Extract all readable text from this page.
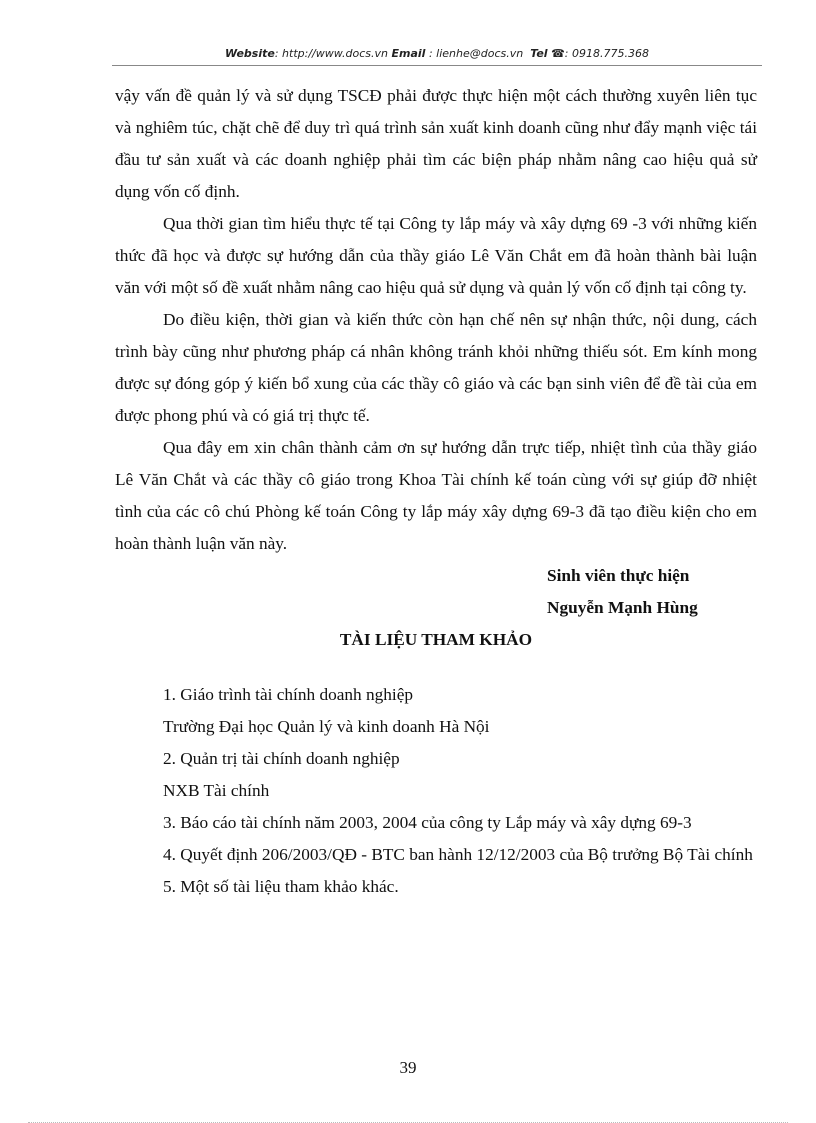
Website: http://www.docs.vn Email : lienhe@docs.vn Tel ☎: 0918.775.368

vậy vấn đề quản lý và sử dụng TSCĐ phải được thực hiện một cách thường xuyên liên tục và nghiêm túc, chặt chẽ để duy trì quá trình sản xuất kinh doanh cũng như đẩy mạnh việc tái đầu tư sản xuất và các doanh nghiệp phải tìm các biện pháp nhằm nâng cao hiệu quả sử dụng vốn cố định.

Qua thời gian tìm hiểu thực tế tại Công ty lắp máy và xây dựng 69 -3 với những kiến thức đã học và được sự hướng dẫn của thầy giáo Lê Văn Chắt em đã hoàn thành bài luận văn với một số đề xuất nhằm nâng cao hiệu quả sử dụng và quản lý vốn cố định tại công ty.

Do điều kiện, thời gian và kiến thức còn hạn chế nên sự nhận thức, nội dung, cách trình bày cũng như phương pháp cá nhân không tránh khỏi những thiếu sót. Em kính mong được sự đóng góp ý kiến bổ xung của các thầy cô giáo và các bạn sinh viên để đề tài của em được phong phú và có giá trị thực tế.

Qua đây em xin chân thành cảm ơn sự hướng dẫn trực tiếp, nhiệt tình của thầy giáo Lê Văn Chắt và các thầy cô giáo trong Khoa Tài chính kế toán cùng với sự giúp đỡ nhiệt tình của các cô chú Phòng kế toán Công ty lắp máy xây dựng 69-3 đã tạo điều kiện cho em hoàn thành luận văn này.

Sinh viên thực hiện

Nguyễn Mạnh Hùng

TÀI LIỆU THAM KHẢO

1. Giáo trình tài chính doanh nghiệp

Trường Đại học Quản lý và kinh doanh Hà Nội

2. Quản trị tài chính doanh nghiệp

NXB Tài chính

3. Báo cáo tài chính năm 2003, 2004 của công ty Lắp máy và xây dựng 69-3

4. Quyết định 206/2003/QĐ - BTC ban hành 12/12/2003 của Bộ trưởng Bộ Tài chính

5. Một số tài liệu tham khảo khác.

39
